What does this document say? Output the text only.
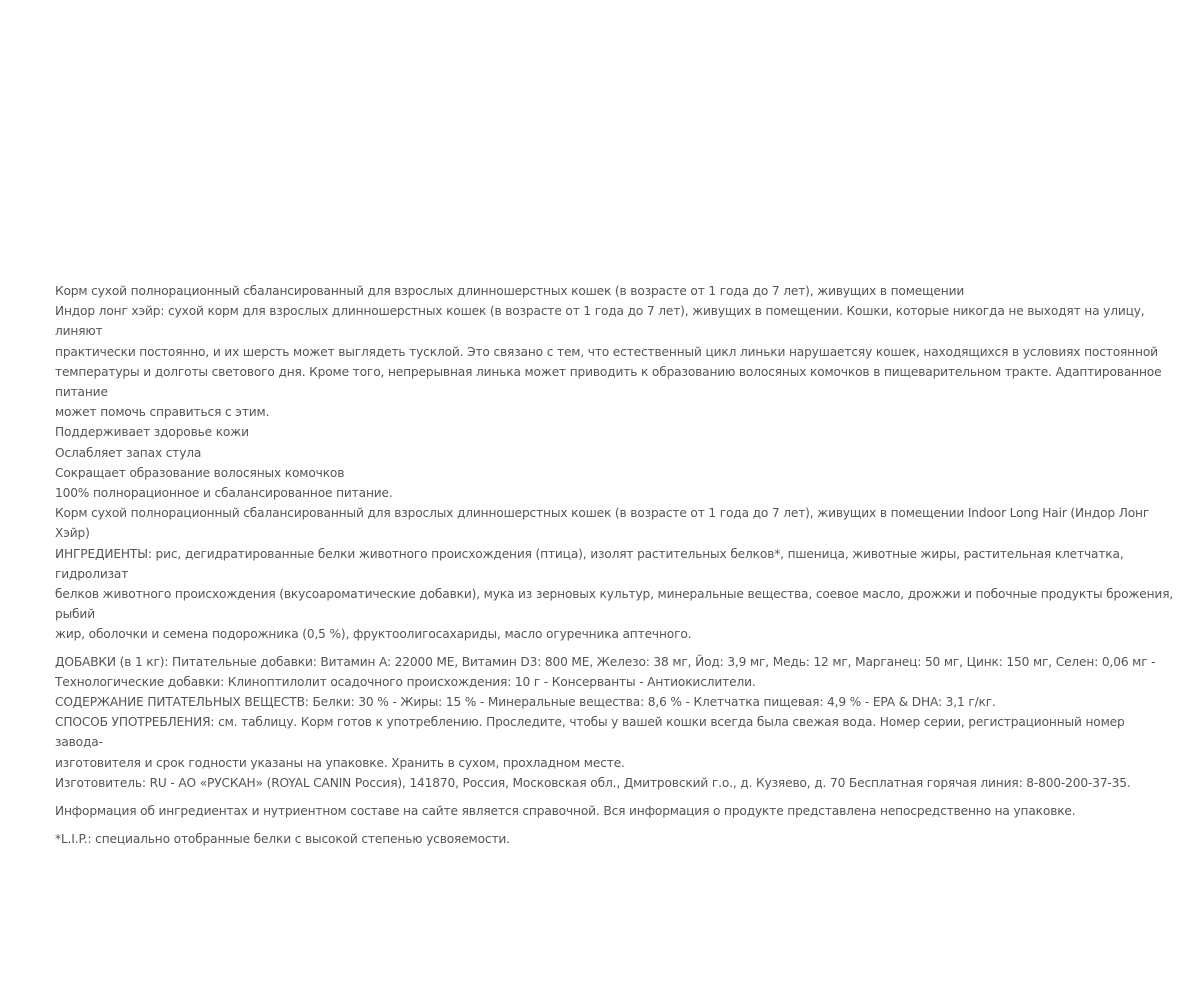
Корм сухой полнорационный сбалансированный для взрослых длинношерстных кошек (в возрасте от 1 года до 7 лет), живущих в помещении

Индор лонг хэйр: сухой корм для взрослых длинношерстных кошек (в возрасте от 1 года до 7 лет), живущих в помещении. Кошки, которые никогда не выходят на улицу, линяют

практически постоянно, и их шерсть может выглядеть тусклой. Это связано с тем, что естественный цикл линьки нарушаетсяу кошек, находящихся в условиях постоянной

температуры и долготы светового дня. Кроме того, непрерывная линька может приводить к образованию волосяных комочков в пищеварительном тракте. Адаптированное питание

может помочь справиться с этим.

Поддерживает здоровье кожи

Ослабляет запах стула

Сокращает образование волосяных комочков

100% полнорационное и сбалансированное питание.

Корм сухой полнорационный сбалансированный для взрослых длинношерстных кошек (в возрасте от 1 года до 7 лет), живущих в помещении Indoor Long Hair (Индор Лонг Хэйр)

ИНГРЕДИЕНТЫ: рис, дегидратированные белки животного происхождения (птица), изолят растительных белков*, пшеница, животные жиры, растительная клетчатка, гидролизат

белков животного происхождения (вкусоароматические добавки), мука из зерновых культур, минеральные вещества, соевое масло, дрожжи и побочные продукты брожения, рыбий

жир, оболочки и семена подорожника (0,5 %), фруктоолигосахариды, масло огуречника аптечного.

ДОБАВКИ (в 1 кг): Питательные добавки: Витамин A: 22000 МЕ, Витамин D3: 800 МЕ, Железо: 38 мг, Йод: 3,9 мг, Медь: 12 мг, Марганец: 50 мг, Цинк: 150 мг, Селен: 0,06 мг -

Технологические добавки: Клиноптилолит осадочного происхождения: 10 г - Консерванты - Антиокислители.

СОДЕРЖАНИЕ ПИТАТЕЛЬНЫХ ВЕЩЕСТВ: Белки: 30 % - Жиры: 15 % - Минеральные вещества: 8,6 % - Клетчатка пищевая: 4,9 % - EPA & DHA: 3,1 г/кг.

СПОСОБ УПОТРЕБЛЕНИЯ: см. таблицу. Корм готов к употреблению. Проследите, чтобы у вашей кошки всегда была свежая вода. Номер серии, регистрационный номер завода-

изготовителя и срок годности указаны на упаковке. Хранить в сухом, прохладном месте.

Изготовитель: RU - АО «РУСКАН» (ROYAL CANIN Россия), 141870, Россия, Московская обл., Дмитровский г.о., д. Кузяево, д. 70 Бесплатная горячая линия: 8-800-200-37-35.

Информация об ингредиентах и нутриентном составе на сайте является справочной. Вся информация о продукте представлена непосредственно на упаковке.

*L.I.P.: специально отобранные белки с высокой степенью усвояемости.
